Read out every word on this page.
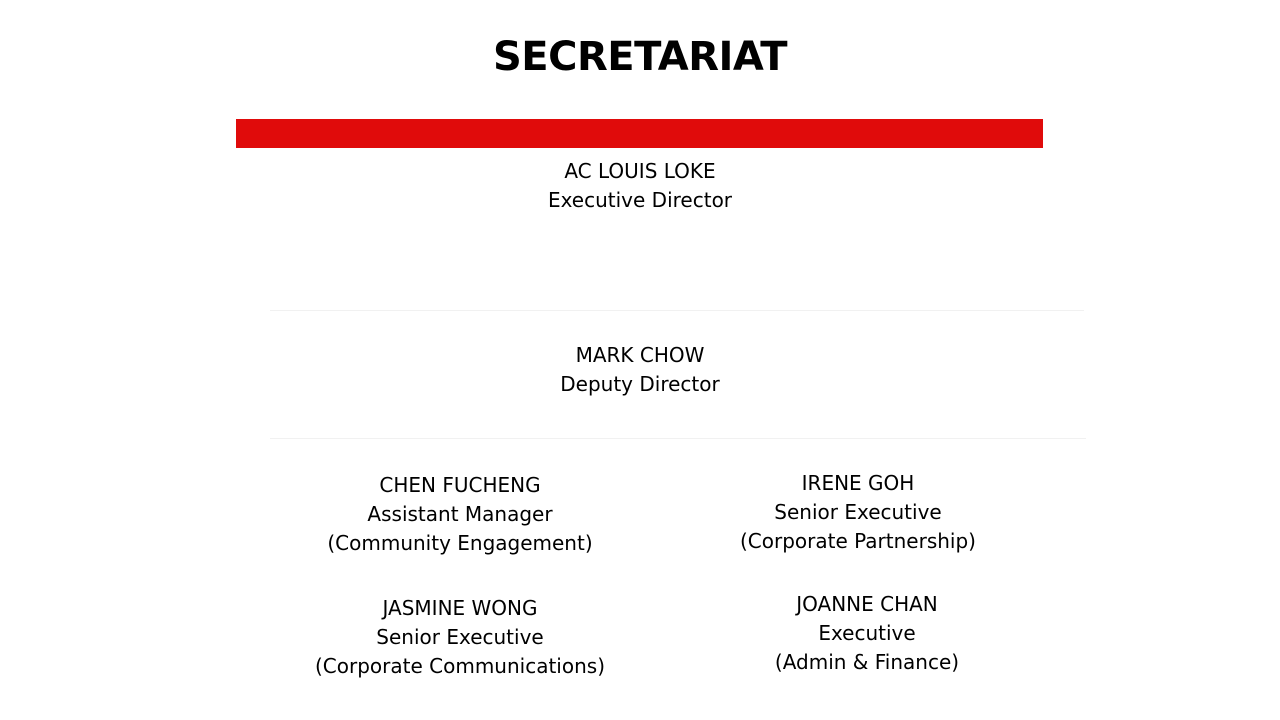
SECRETARIAT
AC LOUIS LOKE
Executive Director
MARK CHOW
Deputy Director
CHEN FUCHENG
Assistant Manager
(Community Engagement)
IRENE GOH
Senior Executive
(Corporate Partnership)
JASMINE WONG
Senior Executive
(Corporate Communications)
JOANNE CHAN
Executive
(Admin & Finance)
